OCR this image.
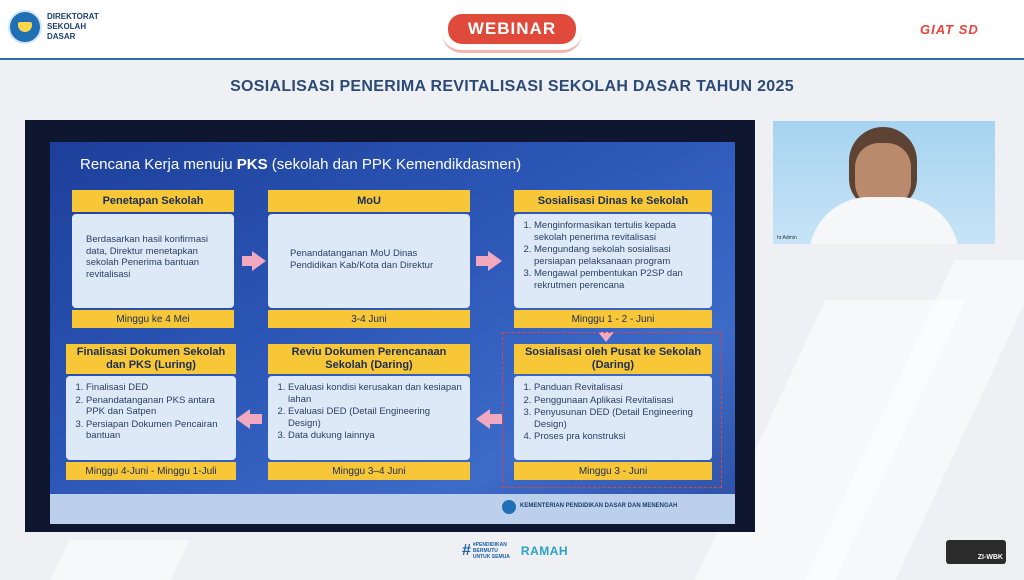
DIREKTORAT SEKOLAH DASAR	WEBINAR	GIAT SD
SOSIALISASI PENERIMA REVITALISASI SEKOLAH DASAR TAHUN 2025
Rencana Kerja menuju PKS (sekolah dan PPK Kemendikdasmen)
Penetapan Sekolah
Berdasarkan hasil konfirmasi data, Direktur menetapkan sekolah Penerima bantuan revitalisasi
Minggu ke 4 Mei
MoU
Penandatanganan MoU Dinas Pendidikan Kab/Kota dan Direktur
3-4 Juni
Sosialisasi Dinas ke Sekolah
1. Menginformasikan tertulis kepada sekolah penerima revitalisasi
2. Mengundang sekolah sosialisasi persiapan pelaksanaan program
3. Mengawal pembentukan P2SP dan rekrutmen perencana
Minggu 1 - 2 - Juni
Sosialisasi oleh Pusat ke Sekolah (Daring)
1. Panduan Revitalisasi
2. Penggunaan Aplikasi Revitalisasi
3. Penyusunan DED (Detail Engineering Design)
4. Proses pra konstruksi
Minggu 3 - Juni
Reviu Dokumen Perencanaan Sekolah (Daring)
1. Evaluasi kondisi kerusakan dan kesiapan lahan
2. Evaluasi DED (Detail Engineering Design)
3. Data dukung lainnya
Minggu 3–4 Juni
Finalisasi Dokumen Sekolah dan PKS (Luring)
1. Finalisasi DED
2. Penandatanganan PKS antara PPK dan Satpen
3. Persiapan Dokumen Pencairan bantuan
Minggu 4-Juni - Minggu 1-Juli
KEMENTERIAN PENDIDIKAN DASAR DAN MENENGAH
hr.Admin
# #PENDIDIKAN BERMUTU UNTUK SEMUA RAMAH	ZI-WBK
